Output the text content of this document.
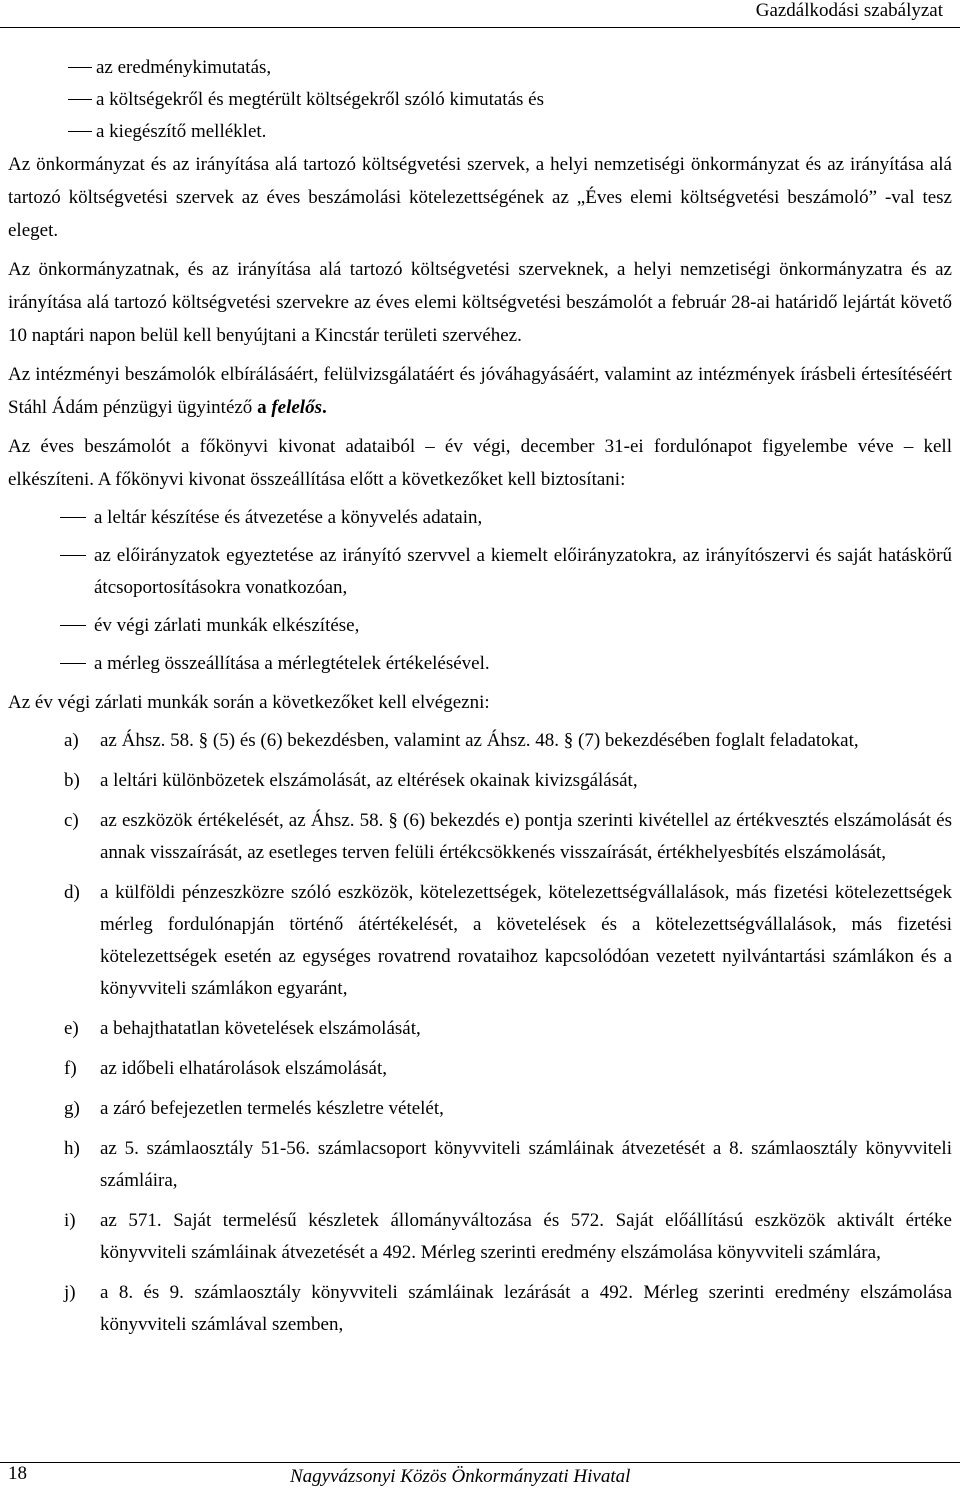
Gazdálkodási szabályzat
az eredménykimutatás,
a költségekről és megtérült költségekről szóló kimutatás és
a kiegészítő melléklet.

Az önkormányzat és az irányítása alá tartozó költségvetési szervek, a helyi nemzetiségi önkormányzat és az irányítása alá tartozó költségvetési szervek az éves beszámolási kötelezettségének az „Éves elemi költségvetési beszámoló” -val tesz eleget.

Az önkormányzatnak, és az irányítása alá tartozó költségvetési szerveknek, a helyi nemzetiségi önkormányzatra és az irányítása alá tartozó költségvetési szervekre az éves elemi költségvetési beszámolót a február 28-ai határidő lejártát követő 10 naptári napon belül kell benyújtani a Kincstár területi szervéhez.

Az intézményi beszámolók elbírálásáért, felülvizsgálatáért és jóváhagyásáért, valamint az intézmények írásbeli értesítéséért Stáhl Ádám pénzügyi ügyintéző a felelős.

Az éves beszámolót a főkönyvi kivonat adataiból ‒ év végi, december 31-ei fordulónapot figyelembe véve ‒ kell elkészíteni. A főkönyvi kivonat összeállítása előtt a következőket kell biztosítani:

a leltár készítése és átvezetése a könyvelés adatain,
az előirányzatok egyeztetése az irányító szervvel a kiemelt előirányzatokra, az irányítószervi és saját hatáskörű átcsoportosításokra vonatkozóan,
év végi zárlati munkák elkészítése,
a mérleg összeállítása a mérlegtételek értékelésével.

Az év végi zárlati munkák során a következőket kell elvégezni:

a) az Áhsz. 58. § (5) és (6) bekezdésben, valamint az Áhsz. 48. § (7) bekezdésében foglalt feladatokat,
b) a leltári különbözetek elszámolását, az eltérések okainak kivizsgálását,
c) az eszközök értékelését, az Áhsz. 58. § (6) bekezdés e) pontja szerinti kivétellel az értékvesztés elszámolását és annak visszaírását, az esetleges terven felüli értékcsökkenés visszaírását, értékhelyesbítés elszámolását,
d) a külföldi pénzeszközre szóló eszközök, kötelezettségek, kötelezettségvállalások, más fizetési kötelezettségek mérleg fordulónapján történő átértékelését, a követelések és a kötelezettségvállalások, más fizetési kötelezettségek esetén az egységes rovatrend rovataihoz kapcsolódóan vezetett nyilvántartási számlákon és a könyvviteli számlákon egyaránt,
e) a behajthatatlan követelések elszámolását,
f) az időbeli elhatárolások elszámolását,
g) a záró befejezetlen termelés készletre vételét,
h) az 5. számlaosztály 51-56. számlacsoport könyvviteli számláinak átvezetését a 8. számlaosztály könyvviteli számláira,
i) az 571. Saját termelésű készletek állományváltozása és 572. Saját előállítású eszközök aktivált értéke könyvviteli számláinak átvezetését a 492. Mérleg szerinti eredmény elszámolása könyvviteli számlára,
j) a 8. és 9. számlaosztály könyvviteli számláinak lezárását a 492. Mérleg szerinti eredmény elszámolása könyvviteli számlával szemben,
18	Nagyvázsonyi Közös Önkormányzati Hivatal
